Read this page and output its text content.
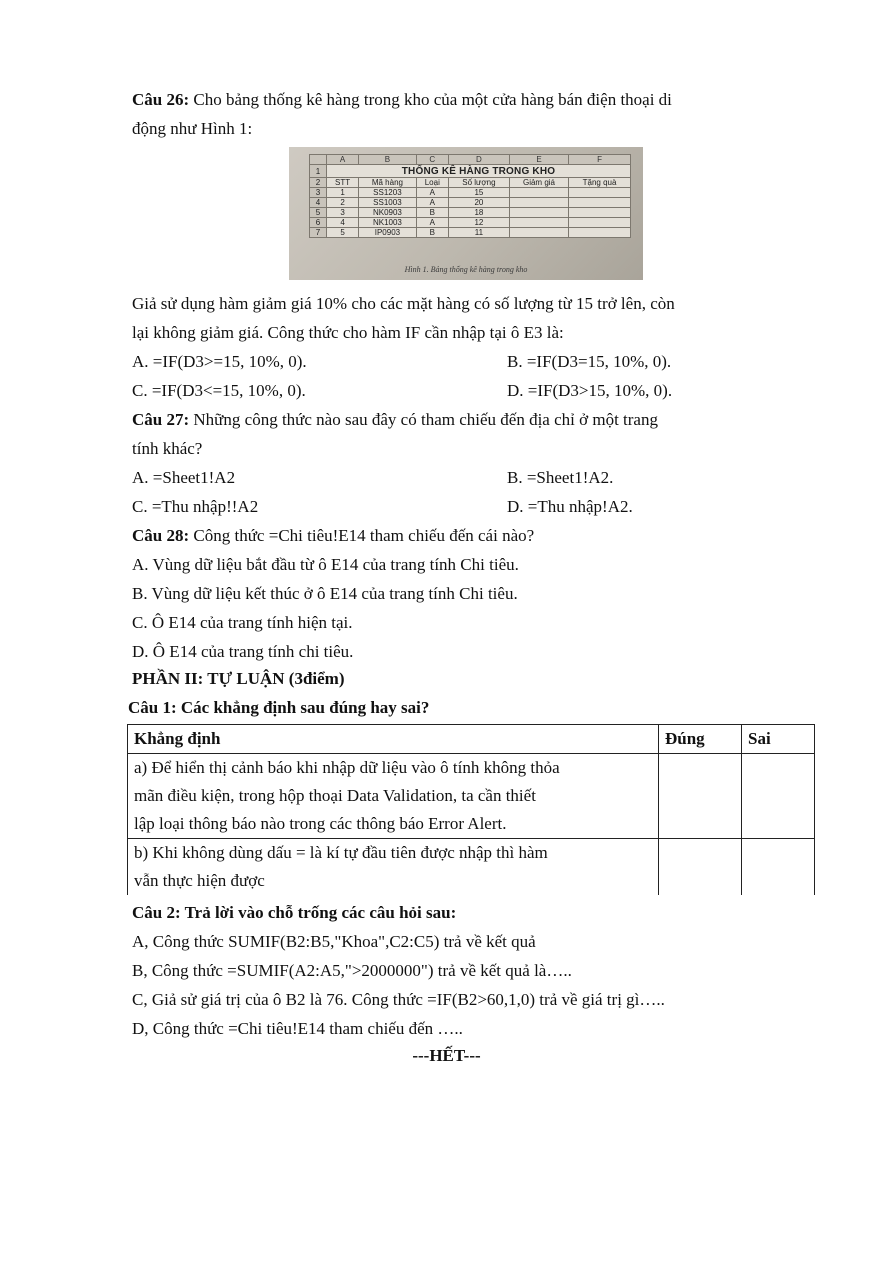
Câu 26: Cho bảng thống kê hàng trong kho của một cửa hàng bán điện thoại di
động như Hình 1:
	A	B	C	D	E	F
1	THỐNG KÊ HÀNG TRONG KHO					
2	STT	Mã hàng	Loại	Số lượng	Giảm giá	Tặng quà
3	1	SS1203	A	15		
4	2	SS1003	A	20		
5	3	NK0903	B	18		
6	4	NK1003	A	12		
7	5	IP0903	B	11		
Hình 1. Bảng thống kê hàng trong kho
Giả sử dụng hàm giảm giá 10% cho các mặt hàng có số lượng từ 15 trở lên, còn
lại không giảm giá. Công thức cho hàm IF cần nhập tại ô E3 là:
A. =IF(D3>=15, 10%, 0).	B. =IF(D3=15, 10%, 0).
C. =IF(D3<=15, 10%, 0).	D. =IF(D3>15, 10%, 0).
Câu 27: Những công thức nào sau đây có tham chiếu đến địa chỉ ở một trang
tính khác?
A. =Sheet1!A2	B. =Sheet1!A2.
C. =Thu nhập!!A2	D. =Thu nhập!A2.
Câu 28: Công thức =Chi tiêu!E14 tham chiếu đến cái nào?
A. Vùng dữ liệu bắt đầu từ ô E14 của trang tính Chi tiêu.
B. Vùng dữ liệu kết thúc ở ô E14 của trang tính Chi tiêu.
C. Ô E14 của trang tính hiện tại.
D. Ô E14 của trang tính chi tiêu.
PHẦN II: TỰ LUẬN (3điểm)
Câu 1: Các khẳng định sau đúng hay sai?
Khẳng định	Đúng	Sai

a) Để hiển thị cảnh báo khi nhập dữ liệu vào ô tính không thỏa
mãn điều kiện, trong hộp thoại Data Validation, ta cần thiết
lập loại thông báo nào trong các thông báo Error Alert.		

b) Khi không dùng dấu = là kí tự đầu tiên được nhập thì hàm
vẫn thực hiện được		

Câu 2: Trả lời vào chỗ trống các câu hỏi sau:
A, Công thức SUMIF(B2:B5,"Khoa",C2:C5) trả về kết quả
B, Công thức =SUMIF(A2:A5,">2000000") trả về kết quả là…..
C, Giả sử giá trị của ô B2 là 76. Công thức =IF(B2>60,1,0) trả về giá trị gì…..
D, Công thức =Chi tiêu!E14 tham chiếu đến …..
---HẾT---
